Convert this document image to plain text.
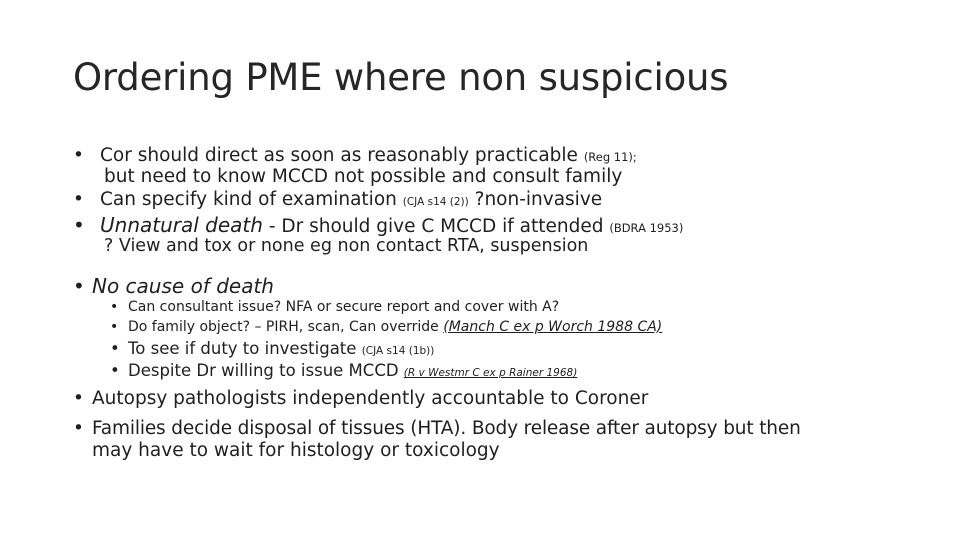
Ordering PME where non suspicious
• Cor should direct as soon as reasonably practicable (Reg 11);
but need to know MCCD not possible and consult family
• Can specify kind of examination (CJA s14 (2)) ?non-invasive
• Unnatural death - Dr should give C MCCD if attended (BDRA 1953)
? View and tox or none eg non contact RTA, suspension
• No cause of death
• Can consultant issue? NFA or secure report and cover with A?
• Do family object? – PIRH, scan, Can override (Manch C ex p Worch 1988 CA)
• To see if duty to investigate (CJA s14 (1b))
• Despite Dr willing to issue MCCD (R v Westmr C ex p Rainer 1968)
• Autopsy pathologists independently accountable to Coroner
• Families decide disposal of tissues (HTA). Body release after autopsy but then
may have to wait for histology or toxicology
